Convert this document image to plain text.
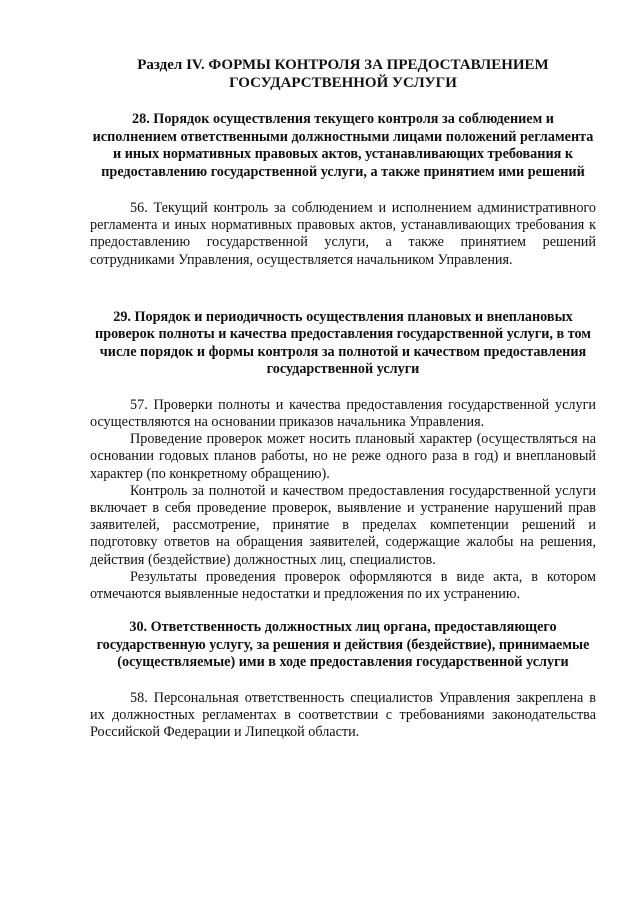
Раздел IV. ФОРМЫ КОНТРОЛЯ ЗА ПРЕДОСТАВЛЕНИЕМ ГОСУДАРСТВЕННОЙ УСЛУГИ
28. Порядок осуществления текущего контроля за соблюдением и исполнением ответственными должностными лицами положений регламента и иных нормативных правовых актов, устанавливающих требования к предоставлению государственной услуги, а также принятием ими решений

56. Текущий контроль за соблюдением и исполнением административного регламента и иных нормативных правовых актов, устанавливающих требования к предоставлению государственной услуги, а также принятием решений сотрудниками Управления, осуществляется начальником Управления.

29. Порядок и периодичность осуществления плановых и внеплановых проверок полноты и качества предоставления государственной услуги, в том числе порядок и формы контроля за полнотой и качеством предоставления государственной услуги

57. Проверки полноты и качества предоставления государственной услуги осуществляются на основании приказов начальника Управления.

Проведение проверок может носить плановый характер (осуществляться на основании годовых планов работы, но не реже одного раза в год) и внеплановый характер (по конкретному обращению).

Контроль за полнотой и качеством предоставления государственной услуги включает в себя проведение проверок, выявление и устранение нарушений прав заявителей, рассмотрение, принятие в пределах компетенции решений и подготовку ответов на обращения заявителей, содержащие жалобы на решения, действия (бездействие) должностных лиц, специалистов.

Результаты проведения проверок оформляются в виде акта, в котором отмечаются выявленные недостатки и предложения по их устранению.

30. Ответственность должностных лиц органа, предоставляющего государственную услугу, за решения и действия (бездействие), принимаемые (осуществляемые) ими в ходе предоставления государственной услуги

58. Персональная ответственность специалистов Управления закреплена в их должностных регламентах в соответствии с требованиями законодательства Российской Федерации и Липецкой области.
